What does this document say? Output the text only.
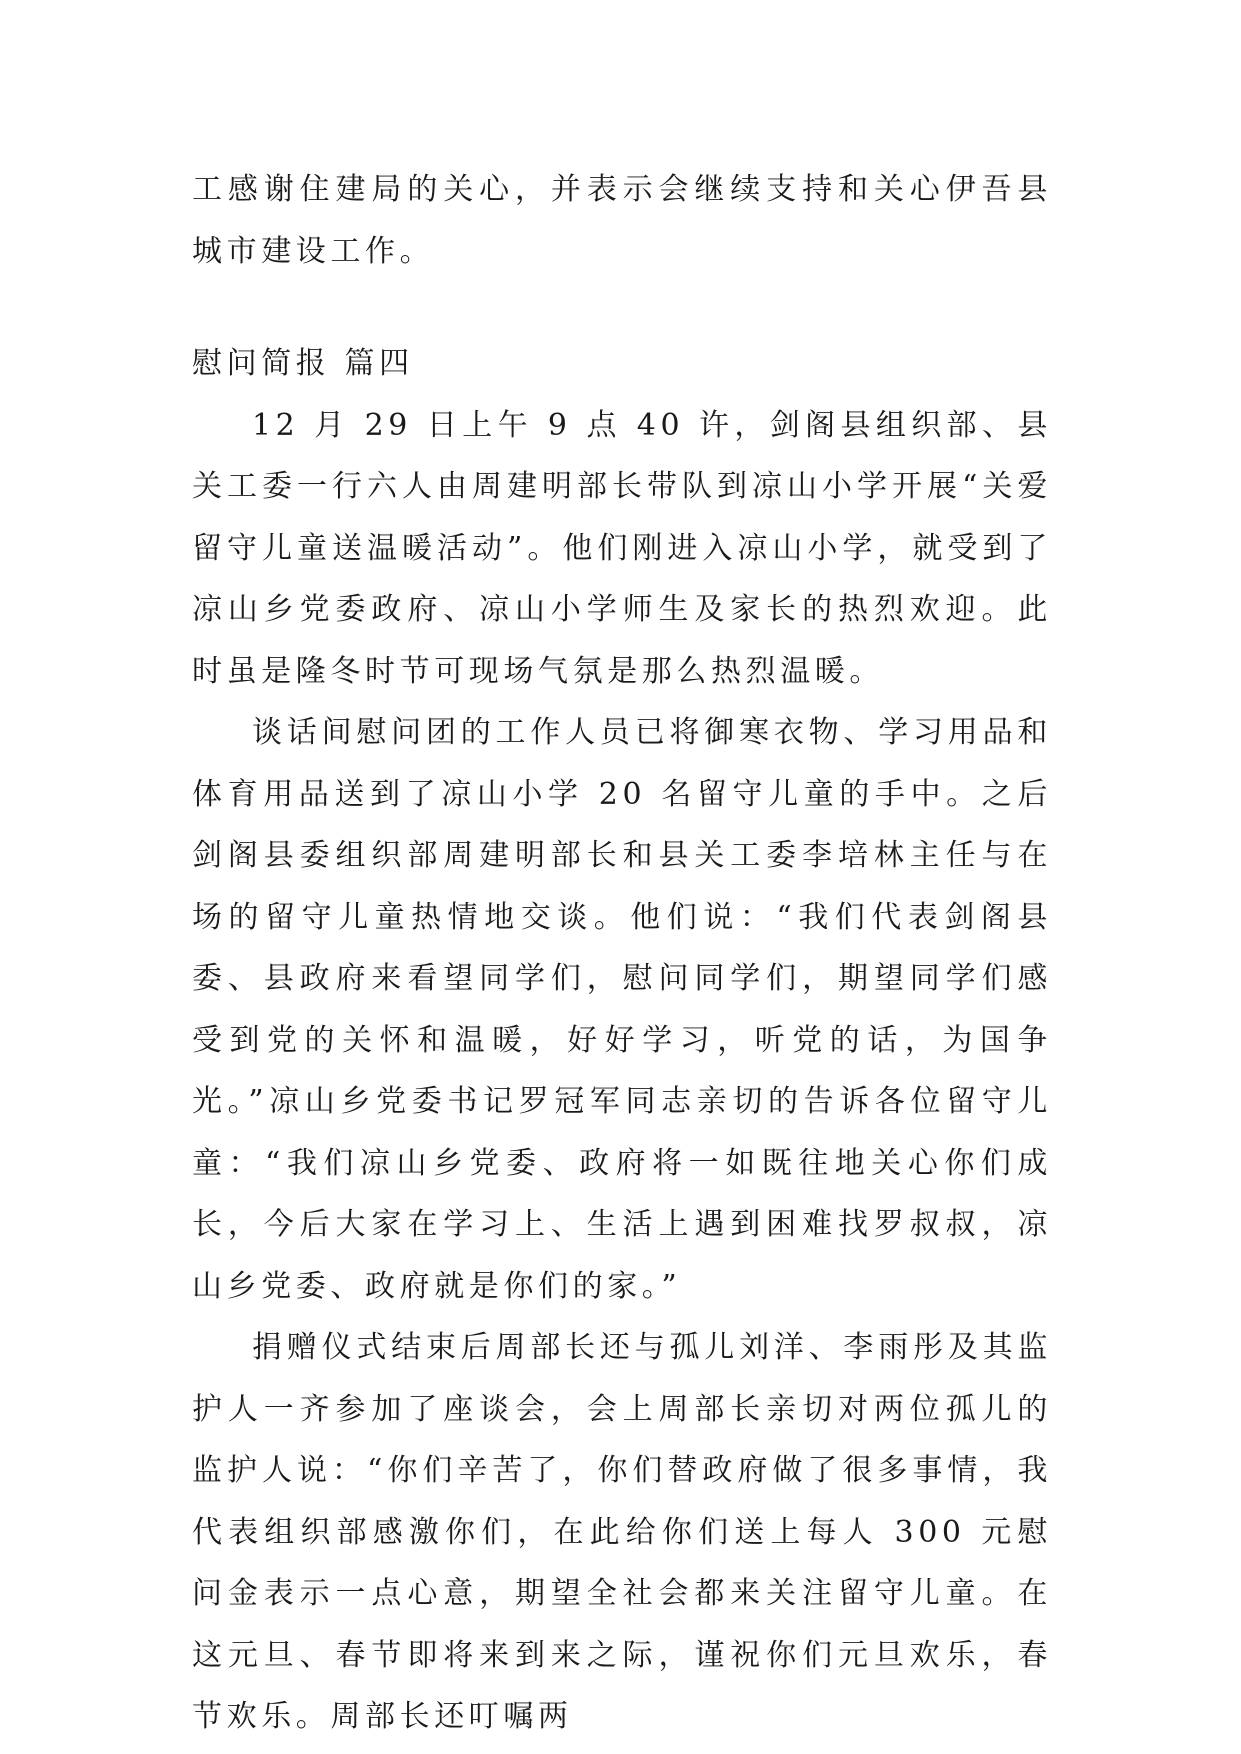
工感谢住建局的关心，并表示会继续支持和关心伊吾县城市建设工作。

慰问简报 篇四

12 月 29 日上午 9 点 40 许，剑阁县组织部、县关工委一行六人由周建明部长带队到凉山小学开展“关爱留守儿童送温暖活动”。他们刚进入凉山小学，就受到了凉山乡党委政府、凉山小学师生及家长的热烈欢迎。此时虽是隆冬时节可现场气氛是那么热烈温暖。

谈话间慰问团的工作人员已将御寒衣物、学习用品和体育用品送到了凉山小学 20 名留守儿童的手中。之后剑阁县委组织部周建明部长和县关工委李培林主任与在场的留守儿童热情地交谈。他们说：“我们代表剑阁县委、县政府来看望同学们，慰问同学们，期望同学们感受到党的关怀和温暖，好好学习，听党的话，为国争光。”凉山乡党委书记罗冠军同志亲切的告诉各位留守儿童：“我们凉山乡党委、政府将一如既往地关心你们成长，今后大家在学习上、生活上遇到困难找罗叔叔，凉山乡党委、政府就是你们的家。”

捐赠仪式结束后周部长还与孤儿刘洋、李雨彤及其监护人一齐参加了座谈会，会上周部长亲切对两位孤儿的监护人说：“你们辛苦了，你们替政府做了很多事情，我代表组织部感激你们，在此给你们送上每人 300 元慰问金表示一点心意，期望全社会都来关注留守儿童。在这元旦、春节即将来到来之际，谨祝你们元旦欢乐，春节欢乐。周部长还叮嘱两
